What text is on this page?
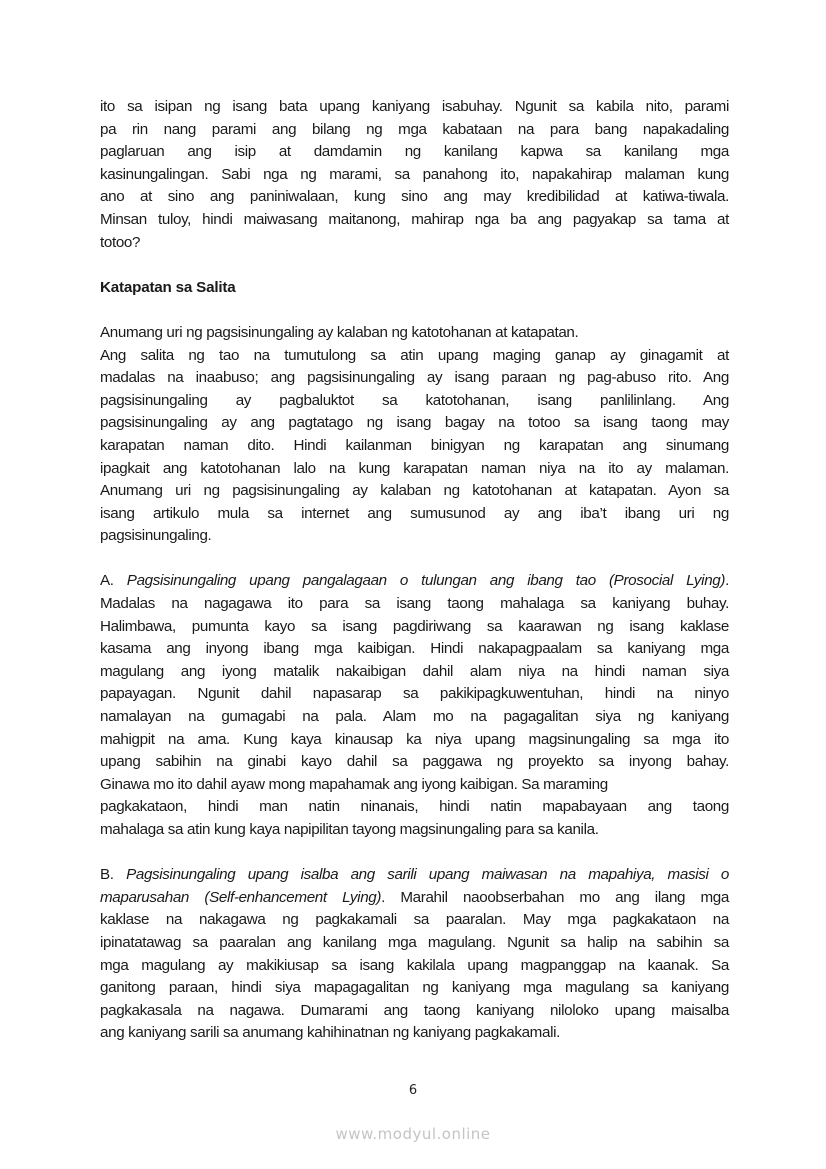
ito sa isipan ng isang bata upang kaniyang isabuhay. Ngunit sa kabila nito, parami
pa rin nang parami ang bilang ng mga kabataan na para bang napakadaling
paglaruan ang isip at damdamin ng kanilang kapwa sa kanilang mga
kasinungalingan. Sabi nga ng marami, sa panahong ito, napakahirap malaman kung
ano at sino ang paniniwalaan, kung sino ang may kredibilidad at katiwa-tiwala.
Minsan tuloy, hindi maiwasang maitanong, mahirap nga ba ang pagyakap sa tama at
totoo?
Katapatan sa Salita
Anumang uri ng pagsisinungaling ay kalaban ng katotohanan at katapatan.
Ang salita ng tao na tumutulong sa atin upang maging ganap ay ginagamit at
madalas na inaabuso; ang pagsisinungaling ay isang paraan ng pag-abuso rito. Ang
pagsisinungaling ay pagbaluktot sa katotohanan, isang panlilinlang. Ang
pagsisinungaling ay ang pagtatago ng isang bagay na totoo sa isang taong may
karapatan naman dito. Hindi kailanman binigyan ng karapatan ang sinumang
ipagkait ang katotohanan lalo na kung karapatan naman niya na ito ay malaman.
Anumang uri ng pagsisinungaling ay kalaban ng katotohanan at katapatan. Ayon sa
isang artikulo mula sa internet ang sumusunod ay ang iba’t ibang uri ng
pagsisinungaling.
A. Pagsisinungaling upang pangalagaan o tulungan ang ibang tao (Prosocial Lying).
Madalas na nagagawa ito para sa isang taong mahalaga sa kaniyang buhay.
Halimbawa, pumunta kayo sa isang pagdiriwang sa kaarawan ng isang kaklase
kasama ang inyong ibang mga kaibigan. Hindi nakapagpaalam sa kaniyang mga
magulang ang iyong matalik nakaibigan dahil alam niya na hindi naman siya
papayagan. Ngunit dahil napasarap sa pakikipagkuwentuhan, hindi na ninyo
namalayan na gumagabi na pala. Alam mo na pagagalitan siya ng kaniyang
mahigpit na ama. Kung kaya kinausap ka niya upang magsinungaling sa mga ito
upang sabihin na ginabi kayo dahil sa paggawa ng proyekto sa inyong bahay.
Ginawa mo ito dahil ayaw mong mapahamak ang iyong kaibigan. Sa maraming
pagkakataon, hindi man natin ninanais, hindi natin mapabayaan ang taong
mahalaga sa atin kung kaya napipilitan tayong magsinungaling para sa kanila.
B. Pagsisinungaling upang isalba ang sarili upang maiwasan na mapahiya, masisi o
maparusahan (Self-enhancement Lying). Marahil naoobserbahan mo ang ilang mga
kaklase na nakagawa ng pagkakamali sa paaralan. May mga pagkakataon na
ipinatatawag sa paaralan ang kanilang mga magulang. Ngunit sa halip na sabihin sa
mga magulang ay makikiusap sa isang kakilala upang magpanggap na kaanak. Sa
ganitong paraan, hindi siya mapagagalitan ng kaniyang mga magulang sa kaniyang
pagkakasala na nagawa. Dumarami ang taong kaniyang niloloko upang maisalba
ang kaniyang sarili sa anumang kahihinatnan ng kaniyang pagkakamali.
6
www.modyul.online
